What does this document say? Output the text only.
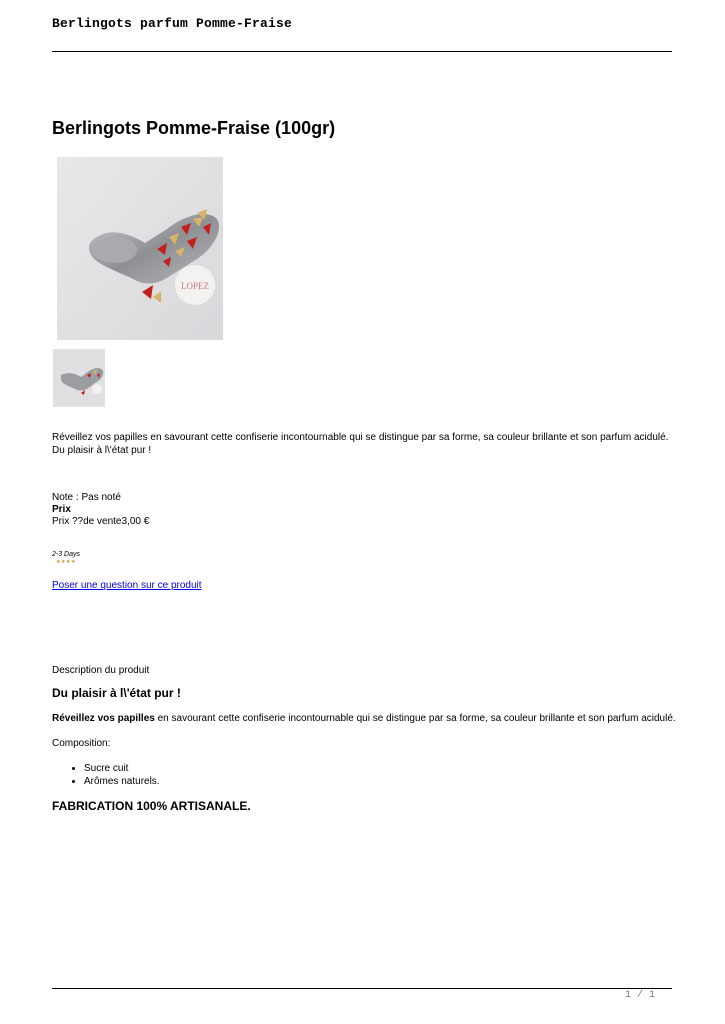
Berlingots parfum Pomme-Fraise
Berlingots Pomme-Fraise (100gr)
LOPEZ

Réveillez vos papilles en savourant cette confiserie incontournable qui se distingue par sa forme, sa couleur brillante et son parfum acidulé. Du plaisir à l\'état pur !

Note : Pas noté
Prix
Prix ??de vente3,00 €
2-3 Days
★★★★
Poser une question sur ce produit
Description du produit
Du plaisir à l\'état pur !
Réveillez vos papilles en savourant cette confiserie incontournable qui se distingue par sa forme, sa couleur brillante et son parfum acidulé.
Composition:
• Sucre cuit
• Arômes naturels.
FABRICATION 100% ARTISANALE.
1 / 1
